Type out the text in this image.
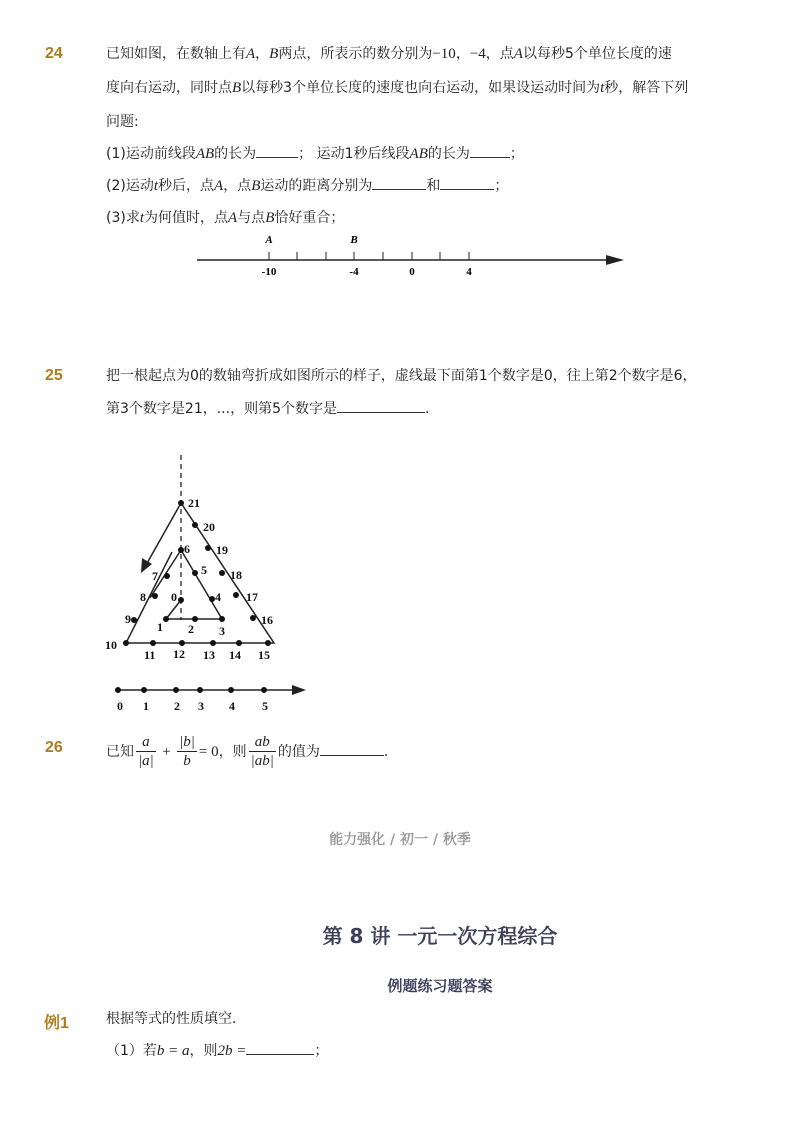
24	已知如图，在数轴上有A，B两点，所表示的数分别为−10，−4，点A以每秒5个单位长度的速
度向右运动，同时点B以每秒3个单位长度的速度也向右运动，如果设运动时间为t秒，解答下列
问题:
(1)运动前线段AB的长为	； 运动1秒后线段AB的长为	；
(2)运动t秒后，点A，点B运动的距离分别为	和	；
(3)求t为何值时，点A与点B恰好重合；
A	B
-10	-4	0	4
25	把一根起点为0的数轴弯折成如图所示的样子，虚线最下面第1个数字是0，往上第2个数字是6，
第3个数字是21，...，则第5个数字是	．
21
20
19
18
17
16
15
14
13
12
11
10
9
8
7
6
5
4
3
2
1
0
0 1 2 3 4 5
26	已知 $\frac{a}{|a|} + \frac{|b|}{b} = 0$，则 $\frac{ab}{|ab|}$ 的值为	.
能力强化 / 初一 / 秋季
第 8 讲 一元一次方程综合
例题练习题答案
例1	根据等式的性质填空．
（1）若b = a，则2b =	；
